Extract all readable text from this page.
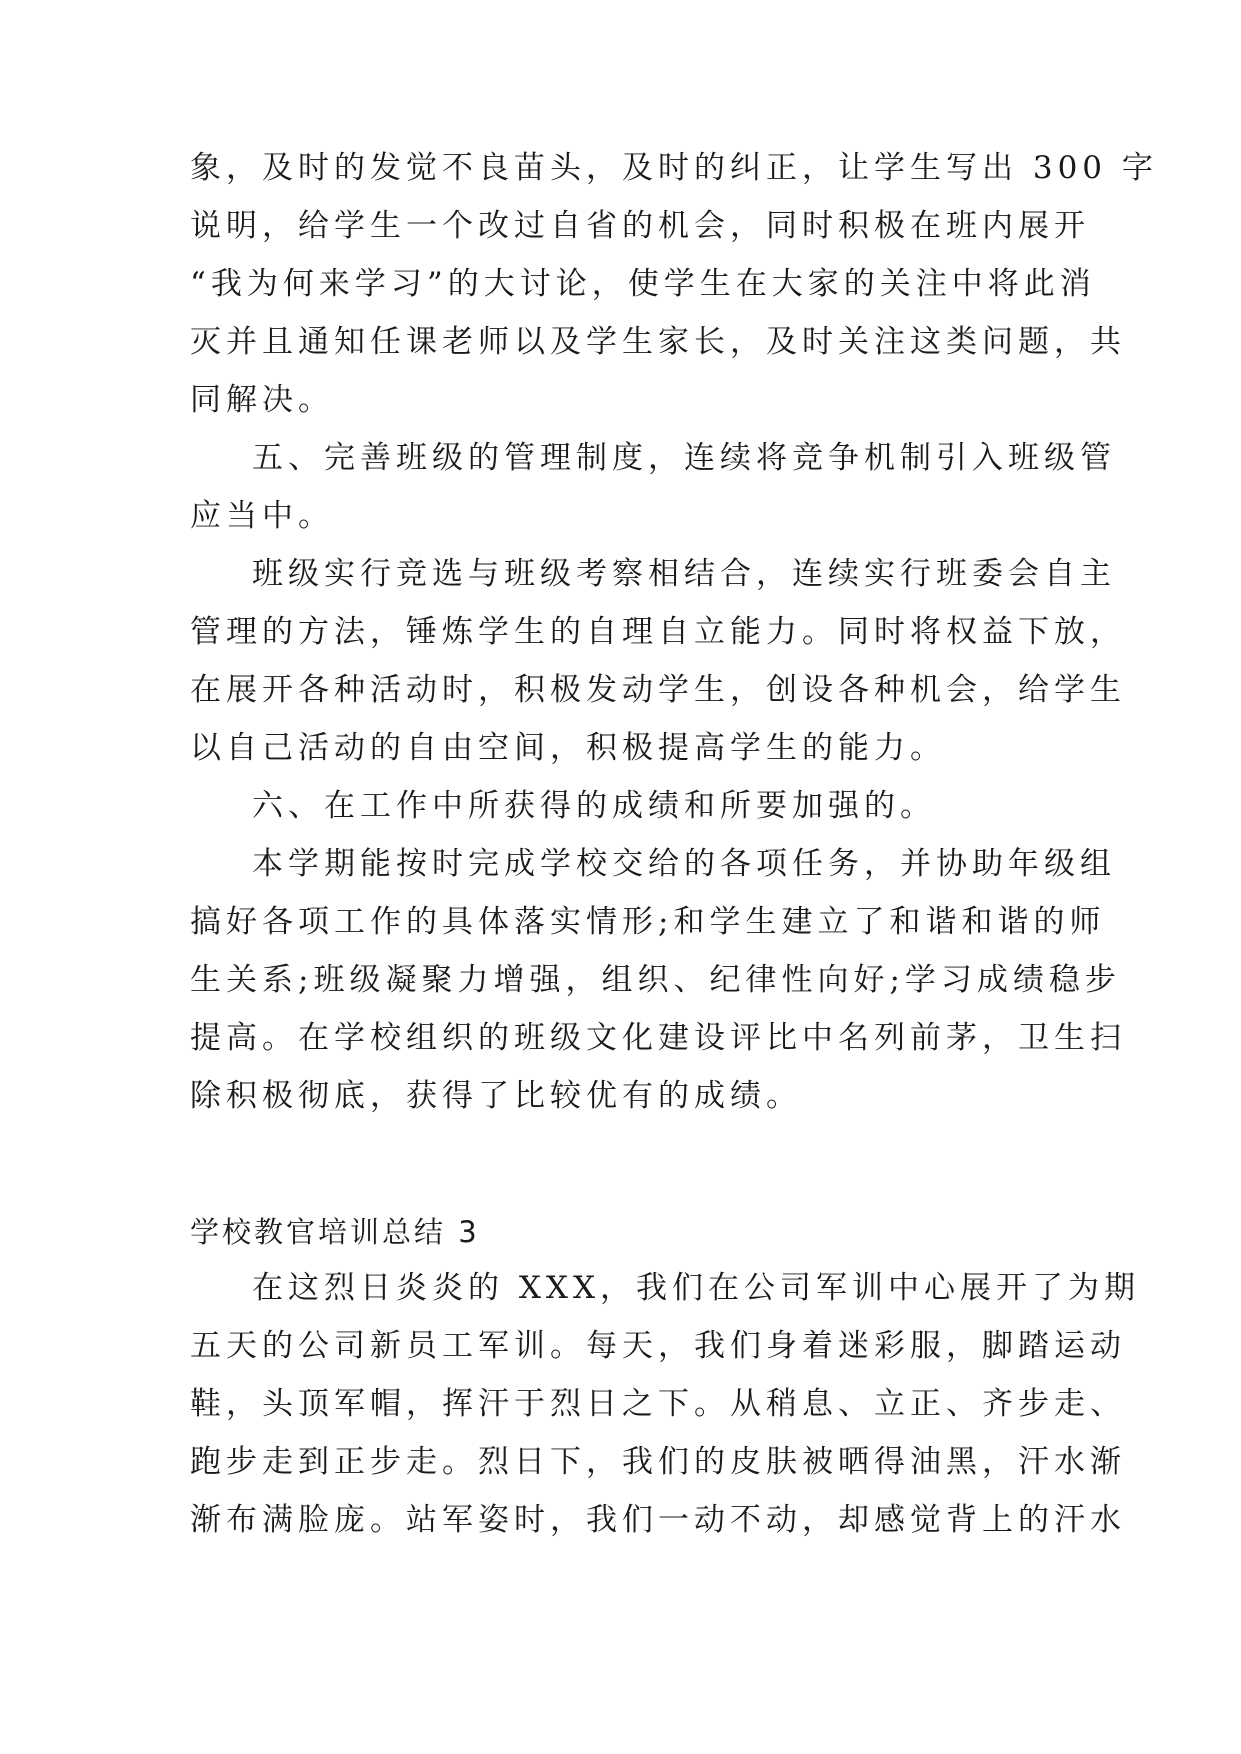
象，及时的发觉不良苗头，及时的纠正，让学生写出 300 字
说明，给学生一个改过自省的机会，同时积极在班内展开
“我为何来学习”的大讨论，使学生在大家的关注中将此消
灭并且通知任课老师以及学生家长，及时关注这类问题，共
同解决。
五、完善班级的管理制度，连续将竞争机制引入班级管
应当中。
班级实行竞选与班级考察相结合，连续实行班委会自主
管理的方法，锤炼学生的自理自立能力。同时将权益下放，
在展开各种活动时，积极发动学生，创设各种机会，给学生
以自己活动的自由空间，积极提高学生的能力。
六、在工作中所获得的成绩和所要加强的。
本学期能按时完成学校交给的各项任务，并协助年级组
搞好各项工作的具体落实情形;和学生建立了和谐和谐的师
生关系;班级凝聚力增强，组织、纪律性向好;学习成绩稳步
提高。在学校组织的班级文化建设评比中名列前茅，卫生扫
除积极彻底，获得了比较优有的成绩。
学校教官培训总结 3
在这烈日炎炎的 XXX，我们在公司军训中心展开了为期
五天的公司新员工军训。每天，我们身着迷彩服，脚踏运动
鞋，头顶军帽，挥汗于烈日之下。从稍息、立正、齐步走、
跑步走到正步走。烈日下，我们的皮肤被晒得油黑，汗水渐
渐布满脸庞。站军姿时，我们一动不动，却感觉背上的汗水
